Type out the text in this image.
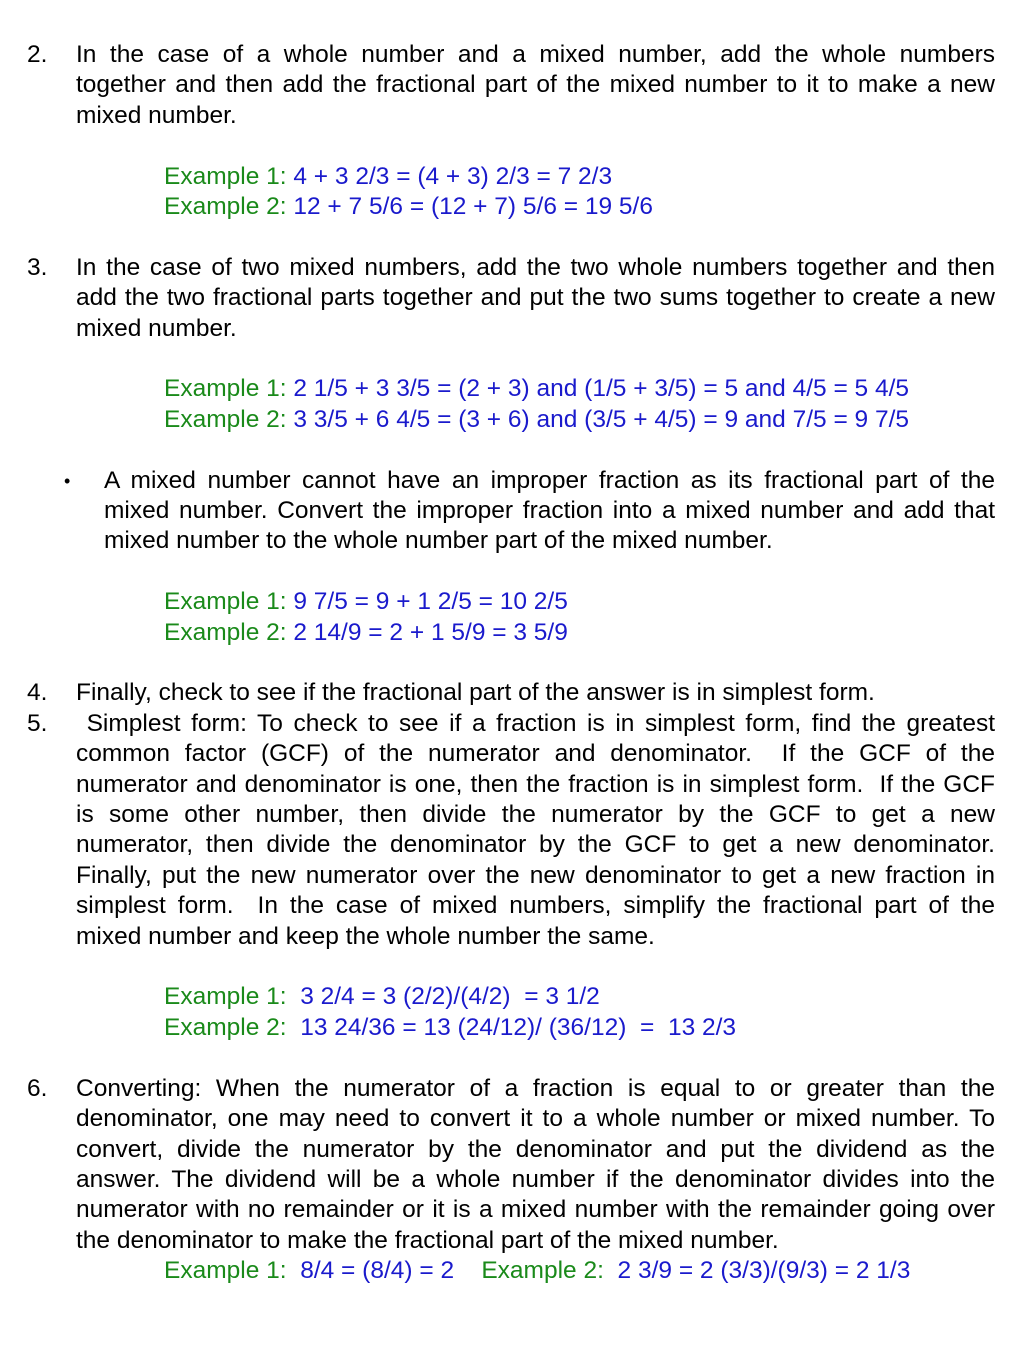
2. In the case of a whole number and a mixed number, add the whole numbers together and then add the fractional part of the mixed number to it to make a new mixed number.
Example 1: 4 + 3 2/3 = (4 + 3) 2/3 = 7 2/3
Example 2: 12 + 7 5/6 = (12 + 7) 5/6 = 19 5/6
3. In the case of two mixed numbers, add the two whole numbers together and then add the two fractional parts together and put the two sums together to create a new mixed number.
Example 1: 2 1/5 + 3 3/5 = (2 + 3) and (1/5 + 3/5) = 5 and 4/5 = 5 4/5
Example 2: 3 3/5 + 6 4/5 = (3 + 6) and (3/5 + 4/5) = 9 and 7/5 = 9 7/5
• A mixed number cannot have an improper fraction as its fractional part of the mixed number. Convert the improper fraction into a mixed number and add that mixed number to the whole number part of the mixed number.
Example 1: 9 7/5 = 9 + 1 2/5 = 10 2/5
Example 2: 2 14/9 = 2 + 1 5/9 = 3 5/9
4. Finally, check to see if the fractional part of the answer is in simplest form.
5. Simplest form: To check to see if a fraction is in simplest form, find the greatest common factor (GCF) of the numerator and denominator.  If the GCF of the numerator and denominator is one, then the fraction is in simplest form.  If the GCF is some other number, then divide the numerator by the GCF to get a new numerator, then divide the denominator by the GCF to get a new denominator.  Finally, put the new numerator over the new denominator to get a new fraction in simplest form.  In the case of mixed numbers, simplify the fractional part of the mixed number and keep the whole number the same.
Example 1:  3 2/4 = 3 (2/2)/(4/2)  = 3 1/2
Example 2:  13 24/36 = 13 (24/12)/ (36/12)  =  13 2/3
6. Converting: When the numerator of a fraction is equal to or greater than the denominator, one may need to convert it to a whole number or mixed number. To convert, divide the numerator by the denominator and put the dividend as the answer. The dividend will be a whole number if the denominator divides into the numerator with no remainder or it is a mixed number with the remainder going over the denominator to make the fractional part of the mixed number.
Example 1:  8/4 = (8/4) = 2 Example 2:  2 3/9 = 2 (3/3)/(9/3) = 2 1/3
